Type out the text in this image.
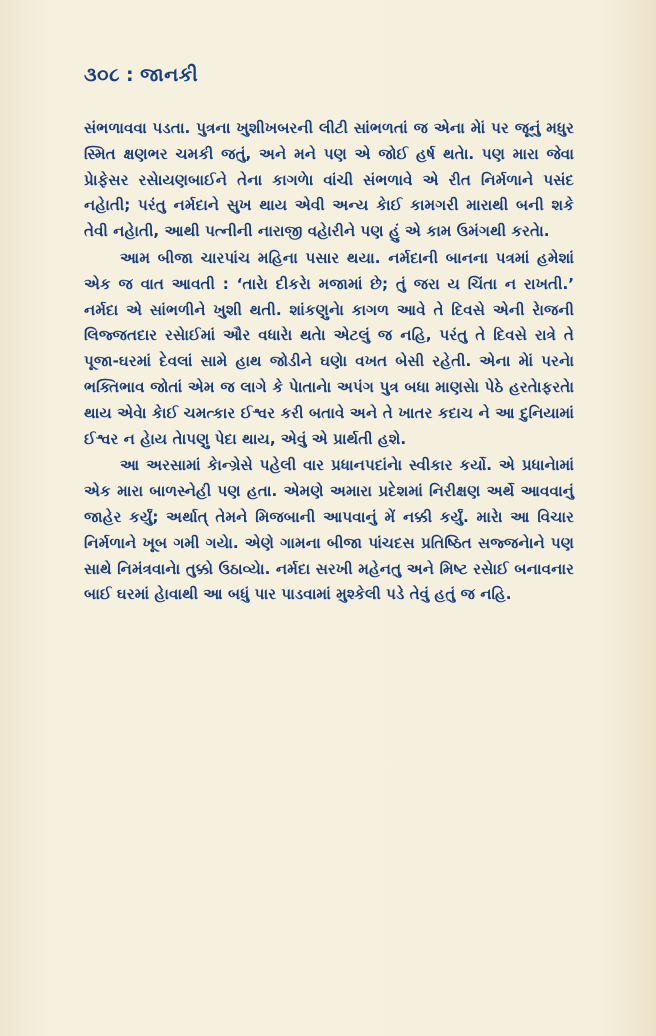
૩૦૮ : જાનકી

સંભળાવવા પડતા. પુત્રના ખુશીખબરની લીટી સાંભળતાં જ એના મેાં પર જૂનું મધુર સ્મિત ક્ષણભર ચમકી જતું, અને મને પણ એ જોઈ હર્ષ થતેા. પણ મારા જેવા પ્રેાફેસર રસેાયણબાઈને તેના કાગળેા વાંચી સંભળાવે એ રીત નિર્મળાને પસંદ નહેાતી; પરંતુ નર્મદાને સુખ થાય એવી અન્ય કેાઈ કામગરી મારાથી બની શકે તેવી નહેાતી, આથી પત્નીની નારાજી વહેારીને પણ હું એ કામ ઉમંગથી કરતેા.

આમ બીજા ચારપાંચ મહિના પસાર થયા. નર્મદાની બાનના પત્રમાં હમેશાં એક જ વાત આવતી : ‘તારેા દીકરેા મજામાં છે; તું જરા ય ચિંતા ન રાખતી.’ નર્મદા એ સાંભળીને ખુશી થતી. શાંકણુનેા કાગળ આવે તે દિવસે એની રેાજની લિજ્જતદાર રસેાઈમાં ઔર વધારેા થતેા એટલું જ નહિ, પરંતુ તે દિવસે રાત્રે તે પૂજા-ઘરમાં દેવલાં સામે હાથ જોડીને ઘણેા વખત બેસી રહેતી. એના મેાં પરનેા ભક્તિભાવ જોતાં એમ જ લાગે કે પેાતાનેા અપંગ પુત્ર બધા માણસેા પેઠે હરતેાફરતેા થાય એવેા કેાઈ ચમત્કાર ઈશ્વર કરી બતાવે અને તે ખાતર કદાચ ને આ દુનિયામાં ઈશ્વર ન હેાય તેાપણુ પેદા થાય, એવું એ પ્રાર્થતી હશે.

આ અરસામાં કેાન્ગ્રેસે પહેલી વાર પ્રધાનપદાંનેા સ્વીકાર કર્યો. એ પ્રધાનેામાં એક મારા બાળસ્નેહી પણ હતા. એમણે અમારા પ્રદેશમાં નિરીક્ષણ અર્થે આવવાનું જાહેર કર્યું; અર્થાત્ તેમને મિજબાની આપવાનું મેં નક્કી કર્યું. મારેા આ વિચાર નિર્મળાને ખૂબ ગમી ગયેા. એણે ગામના બીજા પાંચદસ પ્રતિષ્ઠિત સજ્જનેાને પણ સાથે નિમંત્રવાનેા તુક્કો ઉઠાવ્યેા. નર્મદા સરખી મહેનતુ અને મિષ્ટ રસેાઈ બનાવનાર બાઈ ઘરમાં હેાવાથી આ બધું પાર પાડવામાં મુશ્કેલી પડે તેવું હતું જ નહિ.
